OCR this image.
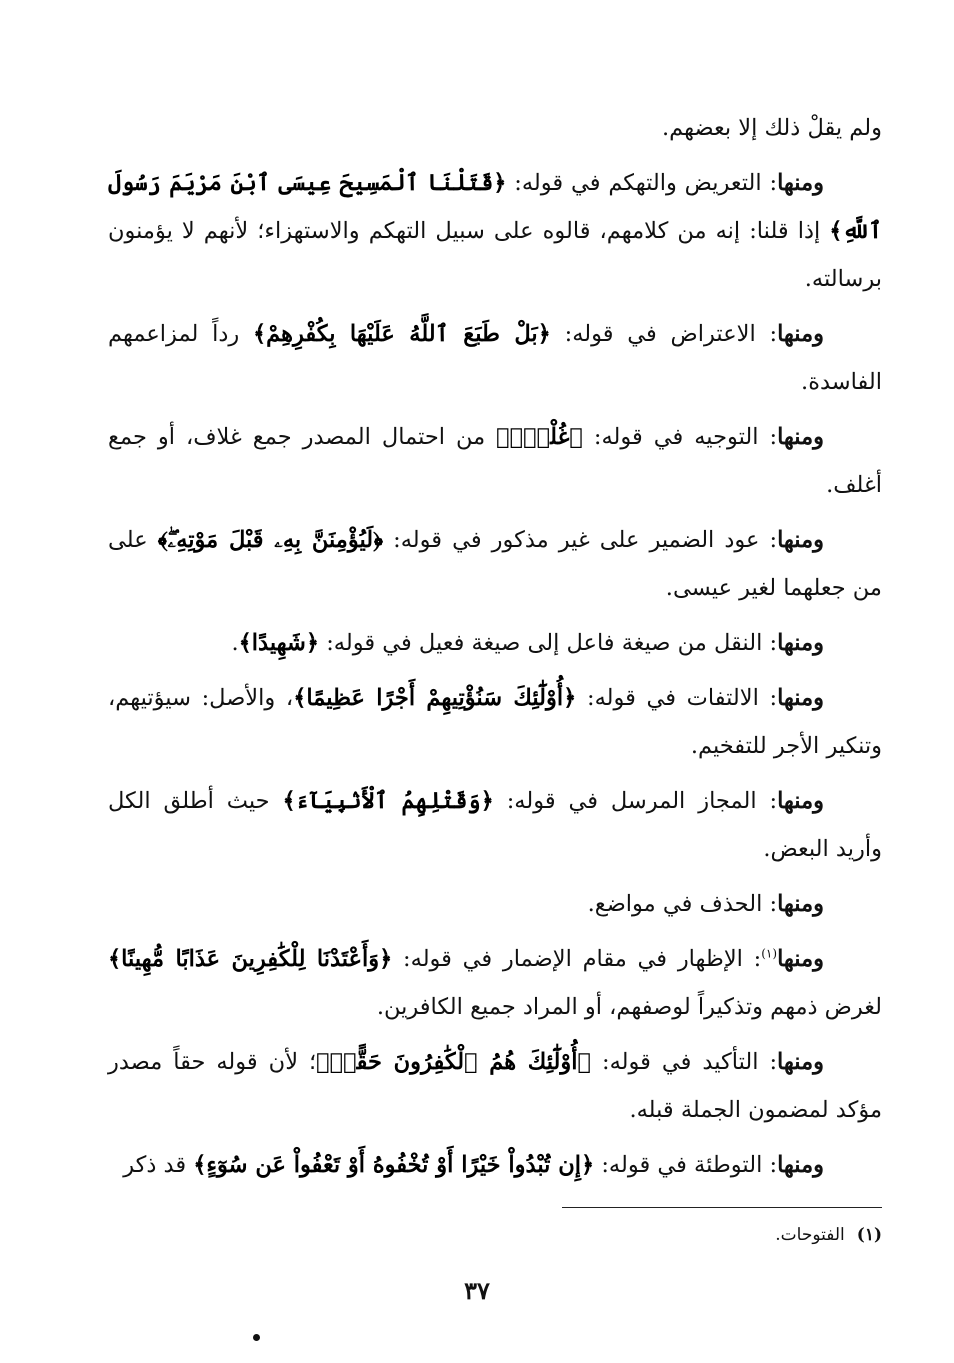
ولم يقلْ ذلك إلا بعضهم.

ومنها: التعريض والتهكم في قوله: ﴿قَتَلْنَا ٱلْمَسِيحَ عِيسَى ٱبْنَ مَرْيَمَ رَسُولَ ٱللَّهِ﴾ إذا قلنا: إنه من كلامهم، قالوه على سبيل التهكم والاستهزاء؛ لأنهم لا يؤمنون برسالته.

ومنها: الاعتراض في قوله: ﴿بَلْ طَبَعَ ٱللَّهُ عَلَيْهَا بِكُفْرِهِمْ﴾ رداً لمزاعمهم الفاسدة.

ومنها: التوجيه في قوله: ﴿غُلْفٌۢ﴾ من احتمال المصدر جمع غلاف، أو جمع أغلف.

ومنها: عود الضمير على غير مذكور في قوله: ﴿لَيُؤْمِنَنَّ بِهِۦ قَبْلَ مَوْتِهِۦۖ﴾ على من جعلهما لغير عيسى.

ومنها: النقل من صيغة فاعل إلى صيغة فعيل في قوله: ﴿شَهِيدًا﴾.

ومنها: الالتفات في قوله: ﴿أُوْلَٰٓئِكَ سَنُؤْتِيهِمْ أَجْرًا عَظِيمًا﴾، والأصل: سيؤتيهم، وتنكير الأجر للتفخيم.

ومنها: المجاز المرسل في قوله: ﴿وَقَتْلِهِمُ ٱلْأَنۢبِيَآءَ﴾ حيث أطلق الكل وأريد البعض.

ومنها: الحذف في مواضع.

ومنها$^{(١)}$: الإظهار في مقام الإضمار في قوله: ﴿وَأَعْتَدْنَا لِلْكَٰفِرِينَ عَذَابًا مُّهِينًا﴾ لغرض ذمهم وتذكيراً لوصفهم، أو المراد جميع الكافرين.

ومنها: التأكيد في قوله: ﴿أُوْلَٰٓئِكَ هُمُ ٱلْكَٰفِرُونَ حَقًّاۚ﴾؛ لأن قوله حقاً مصدر مؤكد لمضمون الجملة قبله.

ومنها: التوطئة في قوله: ﴿إِن تُبْدُواْ خَيْرًا أَوْ تُخْفُوهُ أَوْ تَعْفُواْ عَن سُوٓءٍ﴾ قد ذكر

(١)الفتوحات.
٣٧
